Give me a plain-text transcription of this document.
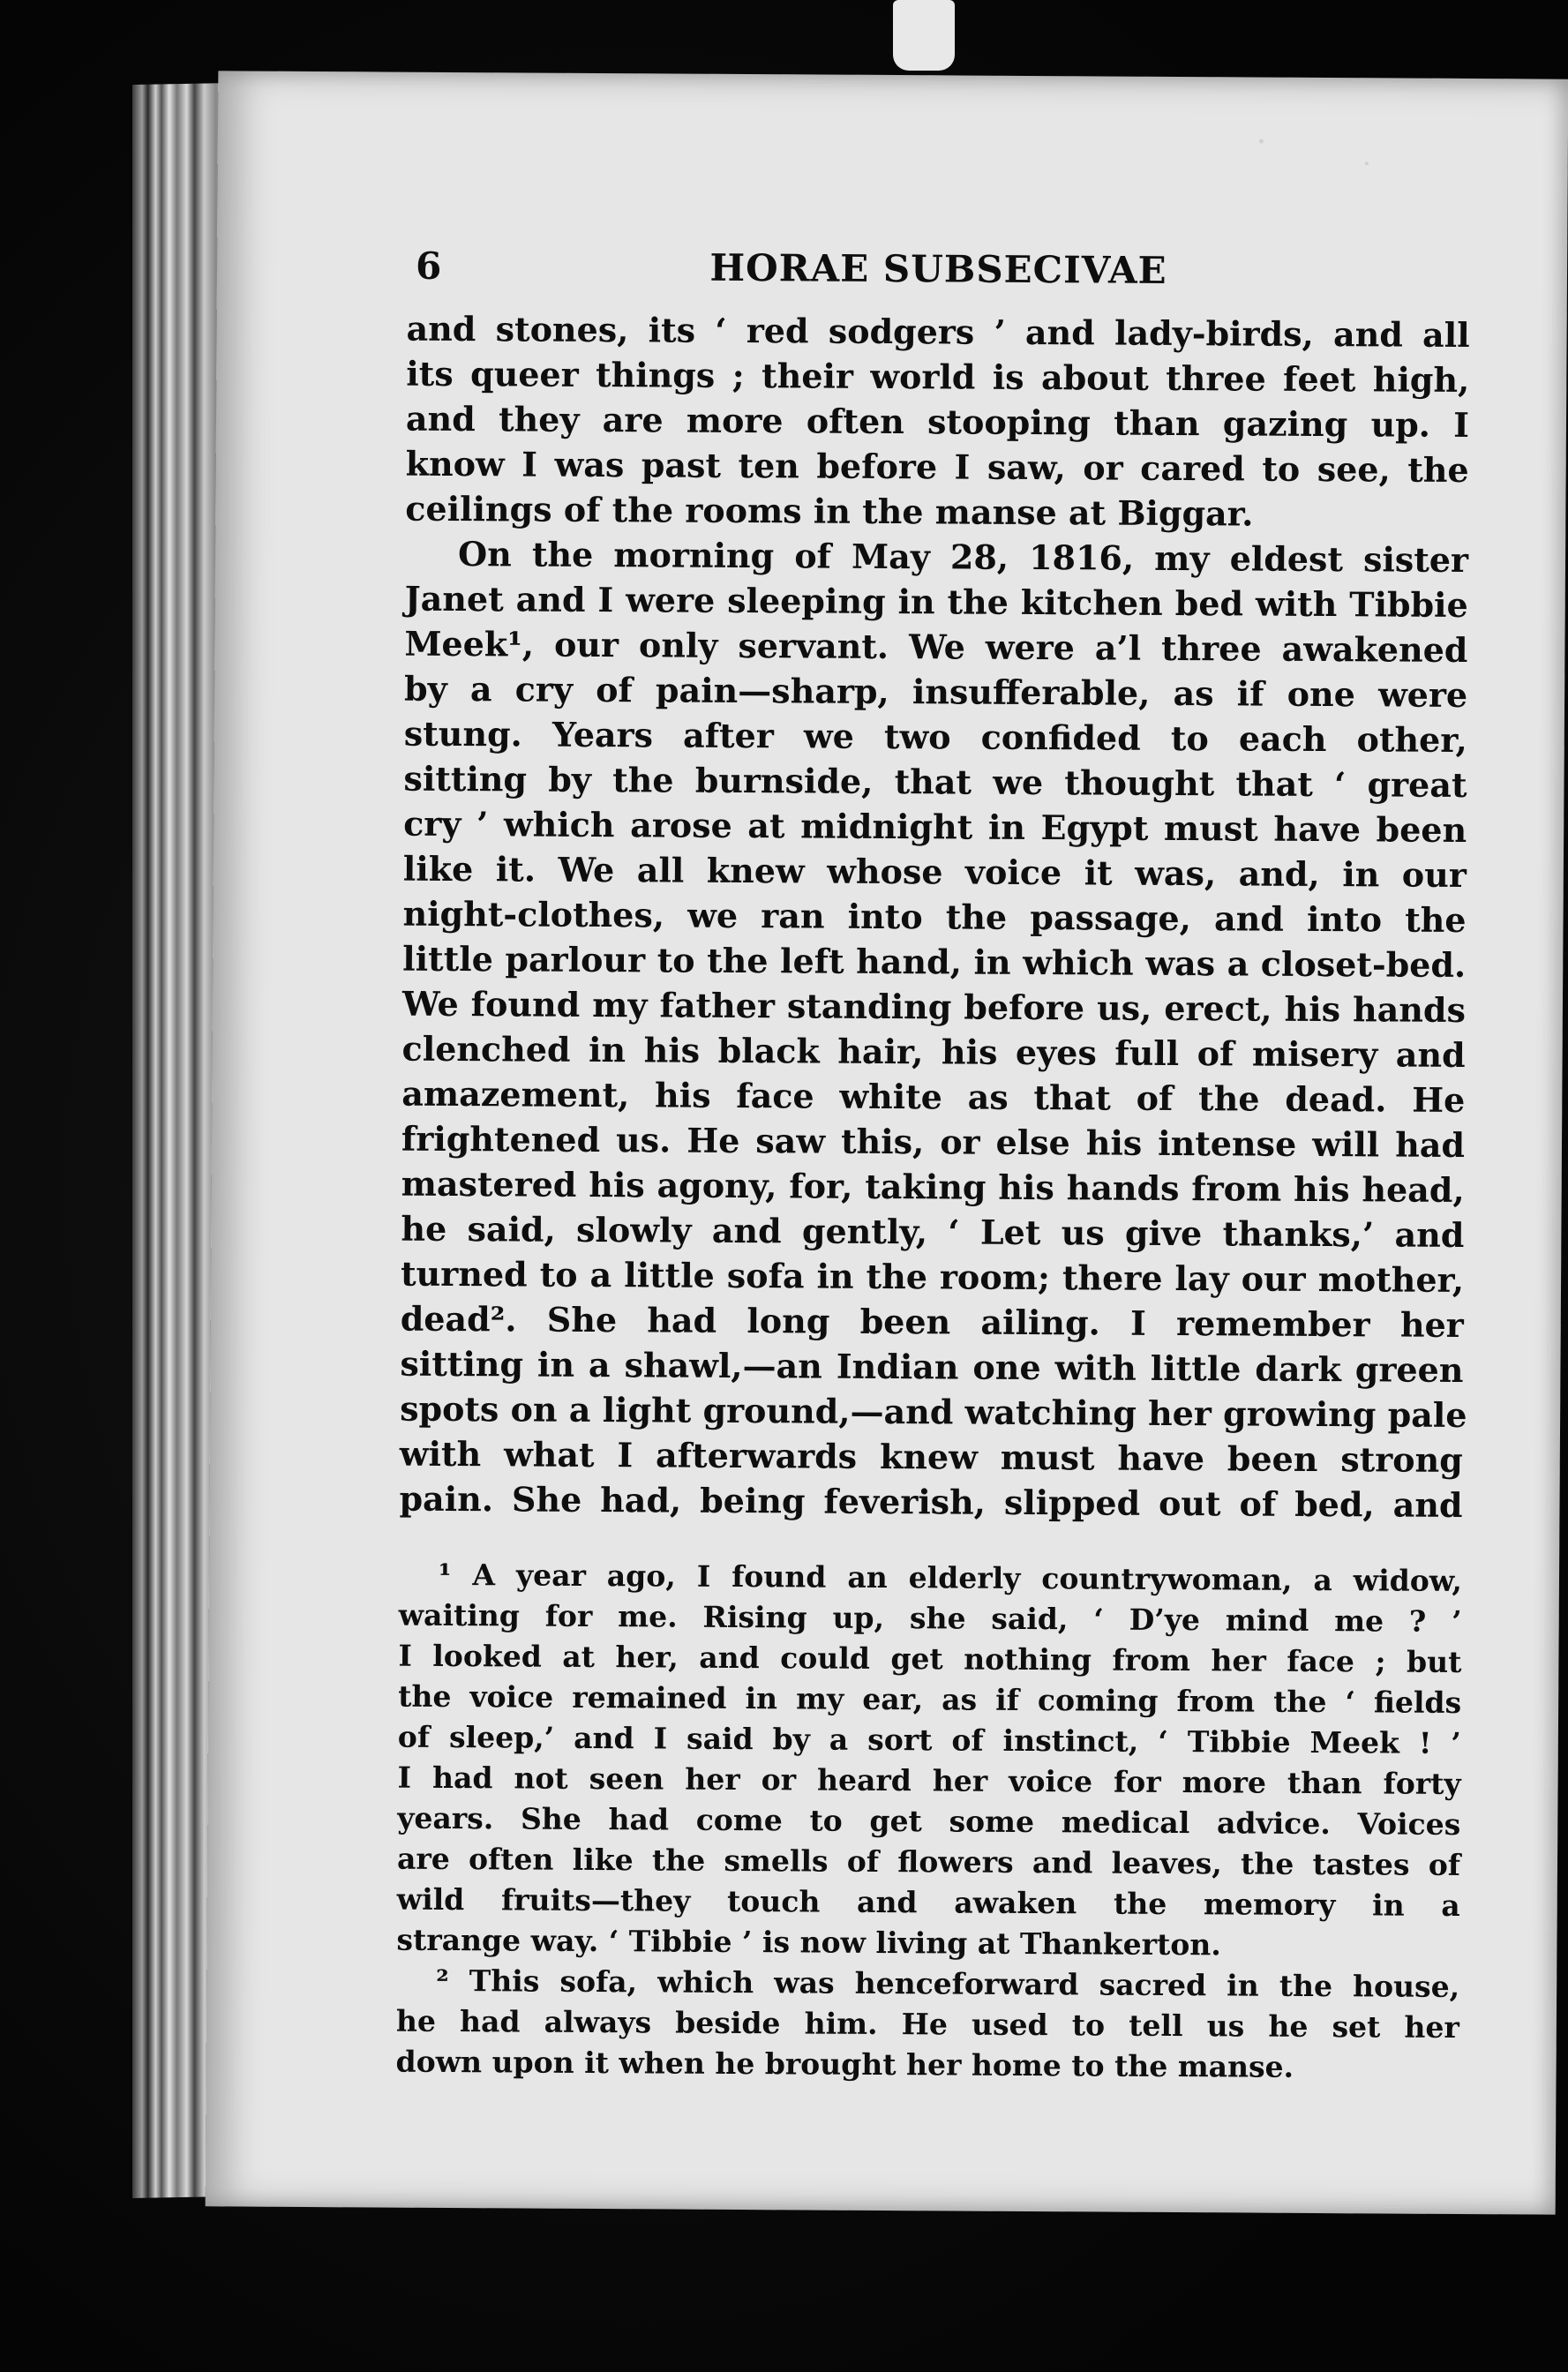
6	HORAE SUBSECIVAE

and stones, its ‘ red sodgers ’ and lady-birds, and all

its queer things ; their world is about three feet high,

and they are more often stooping than gazing up. I

know I was past ten before I saw, or cared to see, the

ceilings of the rooms in the manse at Biggar.

On the morning of May 28, 1816, my eldest sister

Janet and I were sleeping in the kitchen bed with Tibbie

Meek¹, our only servant. We were a’l three awakened

by a cry of pain—sharp, insufferable, as if one were

stung. Years after we two confided to each other,

sitting by the burnside, that we thought that ‘ great

cry ’ which arose at midnight in Egypt must have been

like it. We all knew whose voice it was, and, in our

night-clothes, we ran into the passage, and into the

little parlour to the left hand, in which was a closet-bed.

We found my father standing before us, erect, his hands

clenched in his black hair, his eyes full of misery and

amazement, his face white as that of the dead. He

frightened us. He saw this, or else his intense will had

mastered his agony, for, taking his hands from his head,

he said, slowly and gently, ‘ Let us give thanks,’ and

turned to a little sofa in the room; there lay our mother,

dead². She had long been ailing. I remember her

sitting in a shawl,—an Indian one with little dark green

spots on a light ground,—and watching her growing pale

with what I afterwards knew must have been strong

pain. She had, being feverish, slipped out of bed, and

¹ A year ago, I found an elderly countrywoman, a widow,

waiting for me. Rising up, she said, ‘ D’ye mind me ? ’

I looked at her, and could get nothing from her face ; but

the voice remained in my ear, as if coming from the ‘ fields

of sleep,’ and I said by a sort of instinct, ‘ Tibbie Meek ! ’

I had not seen her or heard her voice for more than forty

years. She had come to get some medical advice. Voices

are often like the smells of flowers and leaves, the tastes of

wild fruits—they touch and awaken the memory in a

strange way. ‘ Tibbie ’ is now living at Thankerton.

² This sofa, which was henceforward sacred in the house,

he had always beside him. He used to tell us he set her

down upon it when he brought her home to the manse.
